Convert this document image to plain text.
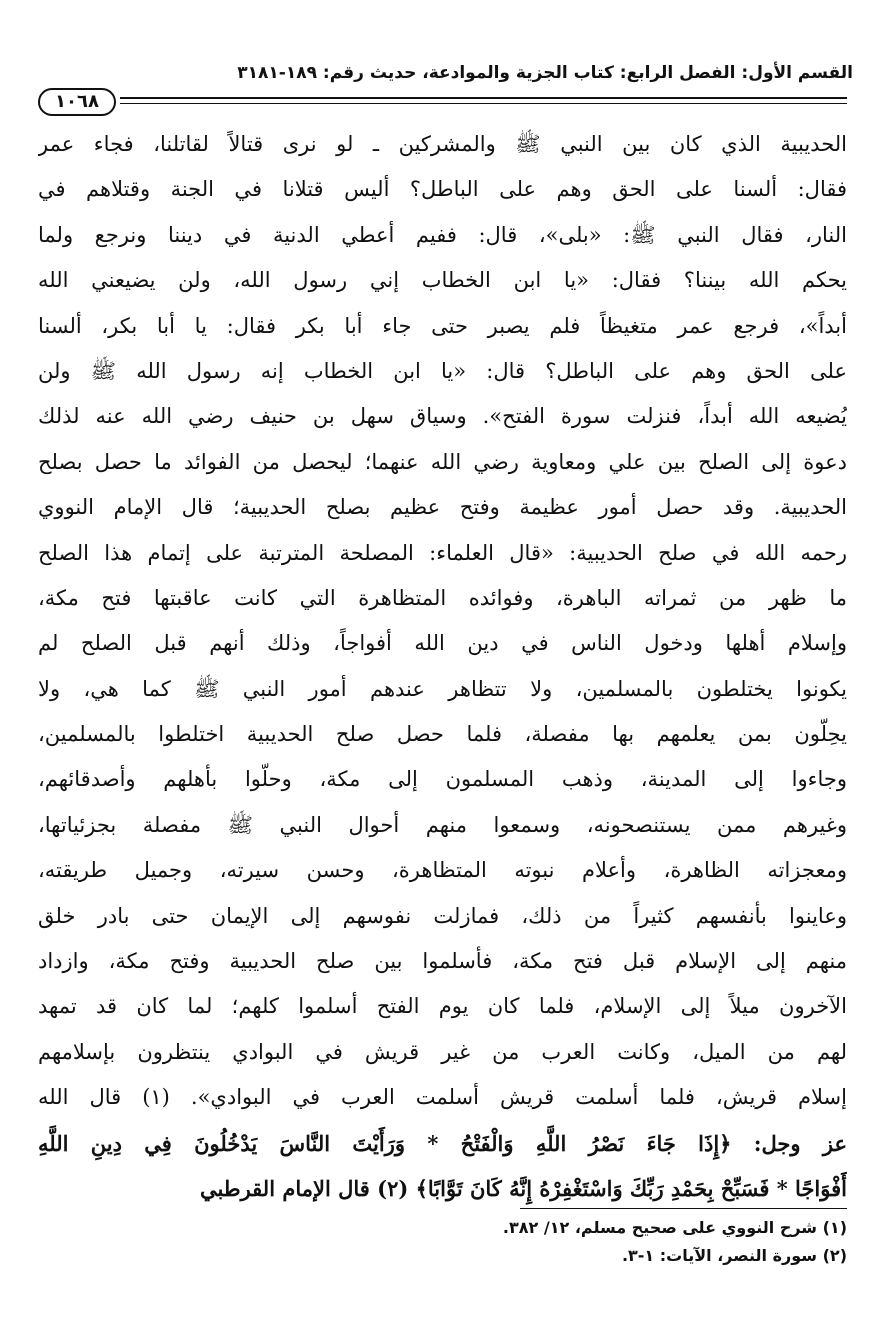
القسم الأول: الفصل الرابع: كتاب الجزية والموادعة، حديث رقم: ١٨٩-٣١٨١
١٠٦٨
الحديبية الذي كان بين النبي ﷺ والمشركين ـ لو نرى قتالاً لقاتلنا، فجاء عمر
فقال: ألسنا على الحق وهم على الباطل؟ أليس قتلانا في الجنة وقتلاهم في
النار، فقال النبي ﷺ: «بلى»، قال: ففيم أعطي الدنية في ديننا ونرجع ولما
يحكم الله بيننا؟ فقال: «يا ابن الخطاب إني رسول الله، ولن يضيعني الله
أبداً»، فرجع عمر متغيظاً فلم يصبر حتى جاء أبا بكر فقال: يا أبا بكر، ألسنا
على الحق وهم على الباطل؟ قال: «يا ابن الخطاب إنه رسول الله ﷺ ولن
يُضيعه الله أبداً، فنزلت سورة الفتح». وسياق سهل بن حنيف رضي الله عنه لذلك
دعوة إلى الصلح بين علي ومعاوية رضي الله عنهما؛ ليحصل من الفوائد ما حصل بصلح
الحديبية. وقد حصل أمور عظيمة وفتح عظيم بصلح الحديبية؛ قال الإمام النووي
رحمه الله في صلح الحديبية: «قال العلماء: المصلحة المترتبة على إتمام هذا الصلح
ما ظهر من ثمراته الباهرة، وفوائده المتظاهرة التي كانت عاقبتها فتح مكة،
وإسلام أهلها ودخول الناس في دين الله أفواجاً، وذلك أنهم قبل الصلح لم
يكونوا يختلطون بالمسلمين، ولا تتظاهر عندهم أمور النبي ﷺ كما هي، ولا
يحِلّون بمن يعلمهم بها مفصلة، فلما حصل صلح الحديبية اختلطوا بالمسلمين،
وجاءوا إلى المدينة، وذهب المسلمون إلى مكة، وحلّوا بأهلهم وأصدقائهم،
وغيرهم ممن يستنصحونه، وسمعوا منهم أحوال النبي ﷺ مفصلة بجزئياتها،
ومعجزاته الظاهرة، وأعلام نبوته المتظاهرة، وحسن سيرته، وجميل طريقته،
وعاينوا بأنفسهم كثيراً من ذلك، فمازلت نفوسهم إلى الإيمان حتى بادر خلق
منهم إلى الإسلام قبل فتح مكة، فأسلموا بين صلح الحديبية وفتح مكة، وازداد
الآخرون ميلاً إلى الإسلام، فلما كان يوم الفتح أسلموا كلهم؛ لما كان قد تمهد
لهم من الميل، وكانت العرب من غير قريش في البوادي ينتظرون بإسلامهم
إسلام قريش، فلما أسلمت قريش أسلمت العرب في البوادي». (١) قال الله
عز وجل: ﴿إِذَا جَاءَ نَصْرُ اللَّهِ وَالْفَتْحُ * وَرَأَيْتَ النَّاسَ يَدْخُلُونَ فِي دِينِ اللَّهِ
أَفْوَاجًا * فَسَبِّحْ بِحَمْدِ رَبِّكَ وَاسْتَغْفِرْهُ إِنَّهُ كَانَ تَوَّابًا﴾ (٢) قال الإمام القرطبي
(١) شرح النووي على صحيح مسلم، ١٢/ ٣٨٢.
(٢) سورة النصر، الآيات: ١-٣.
